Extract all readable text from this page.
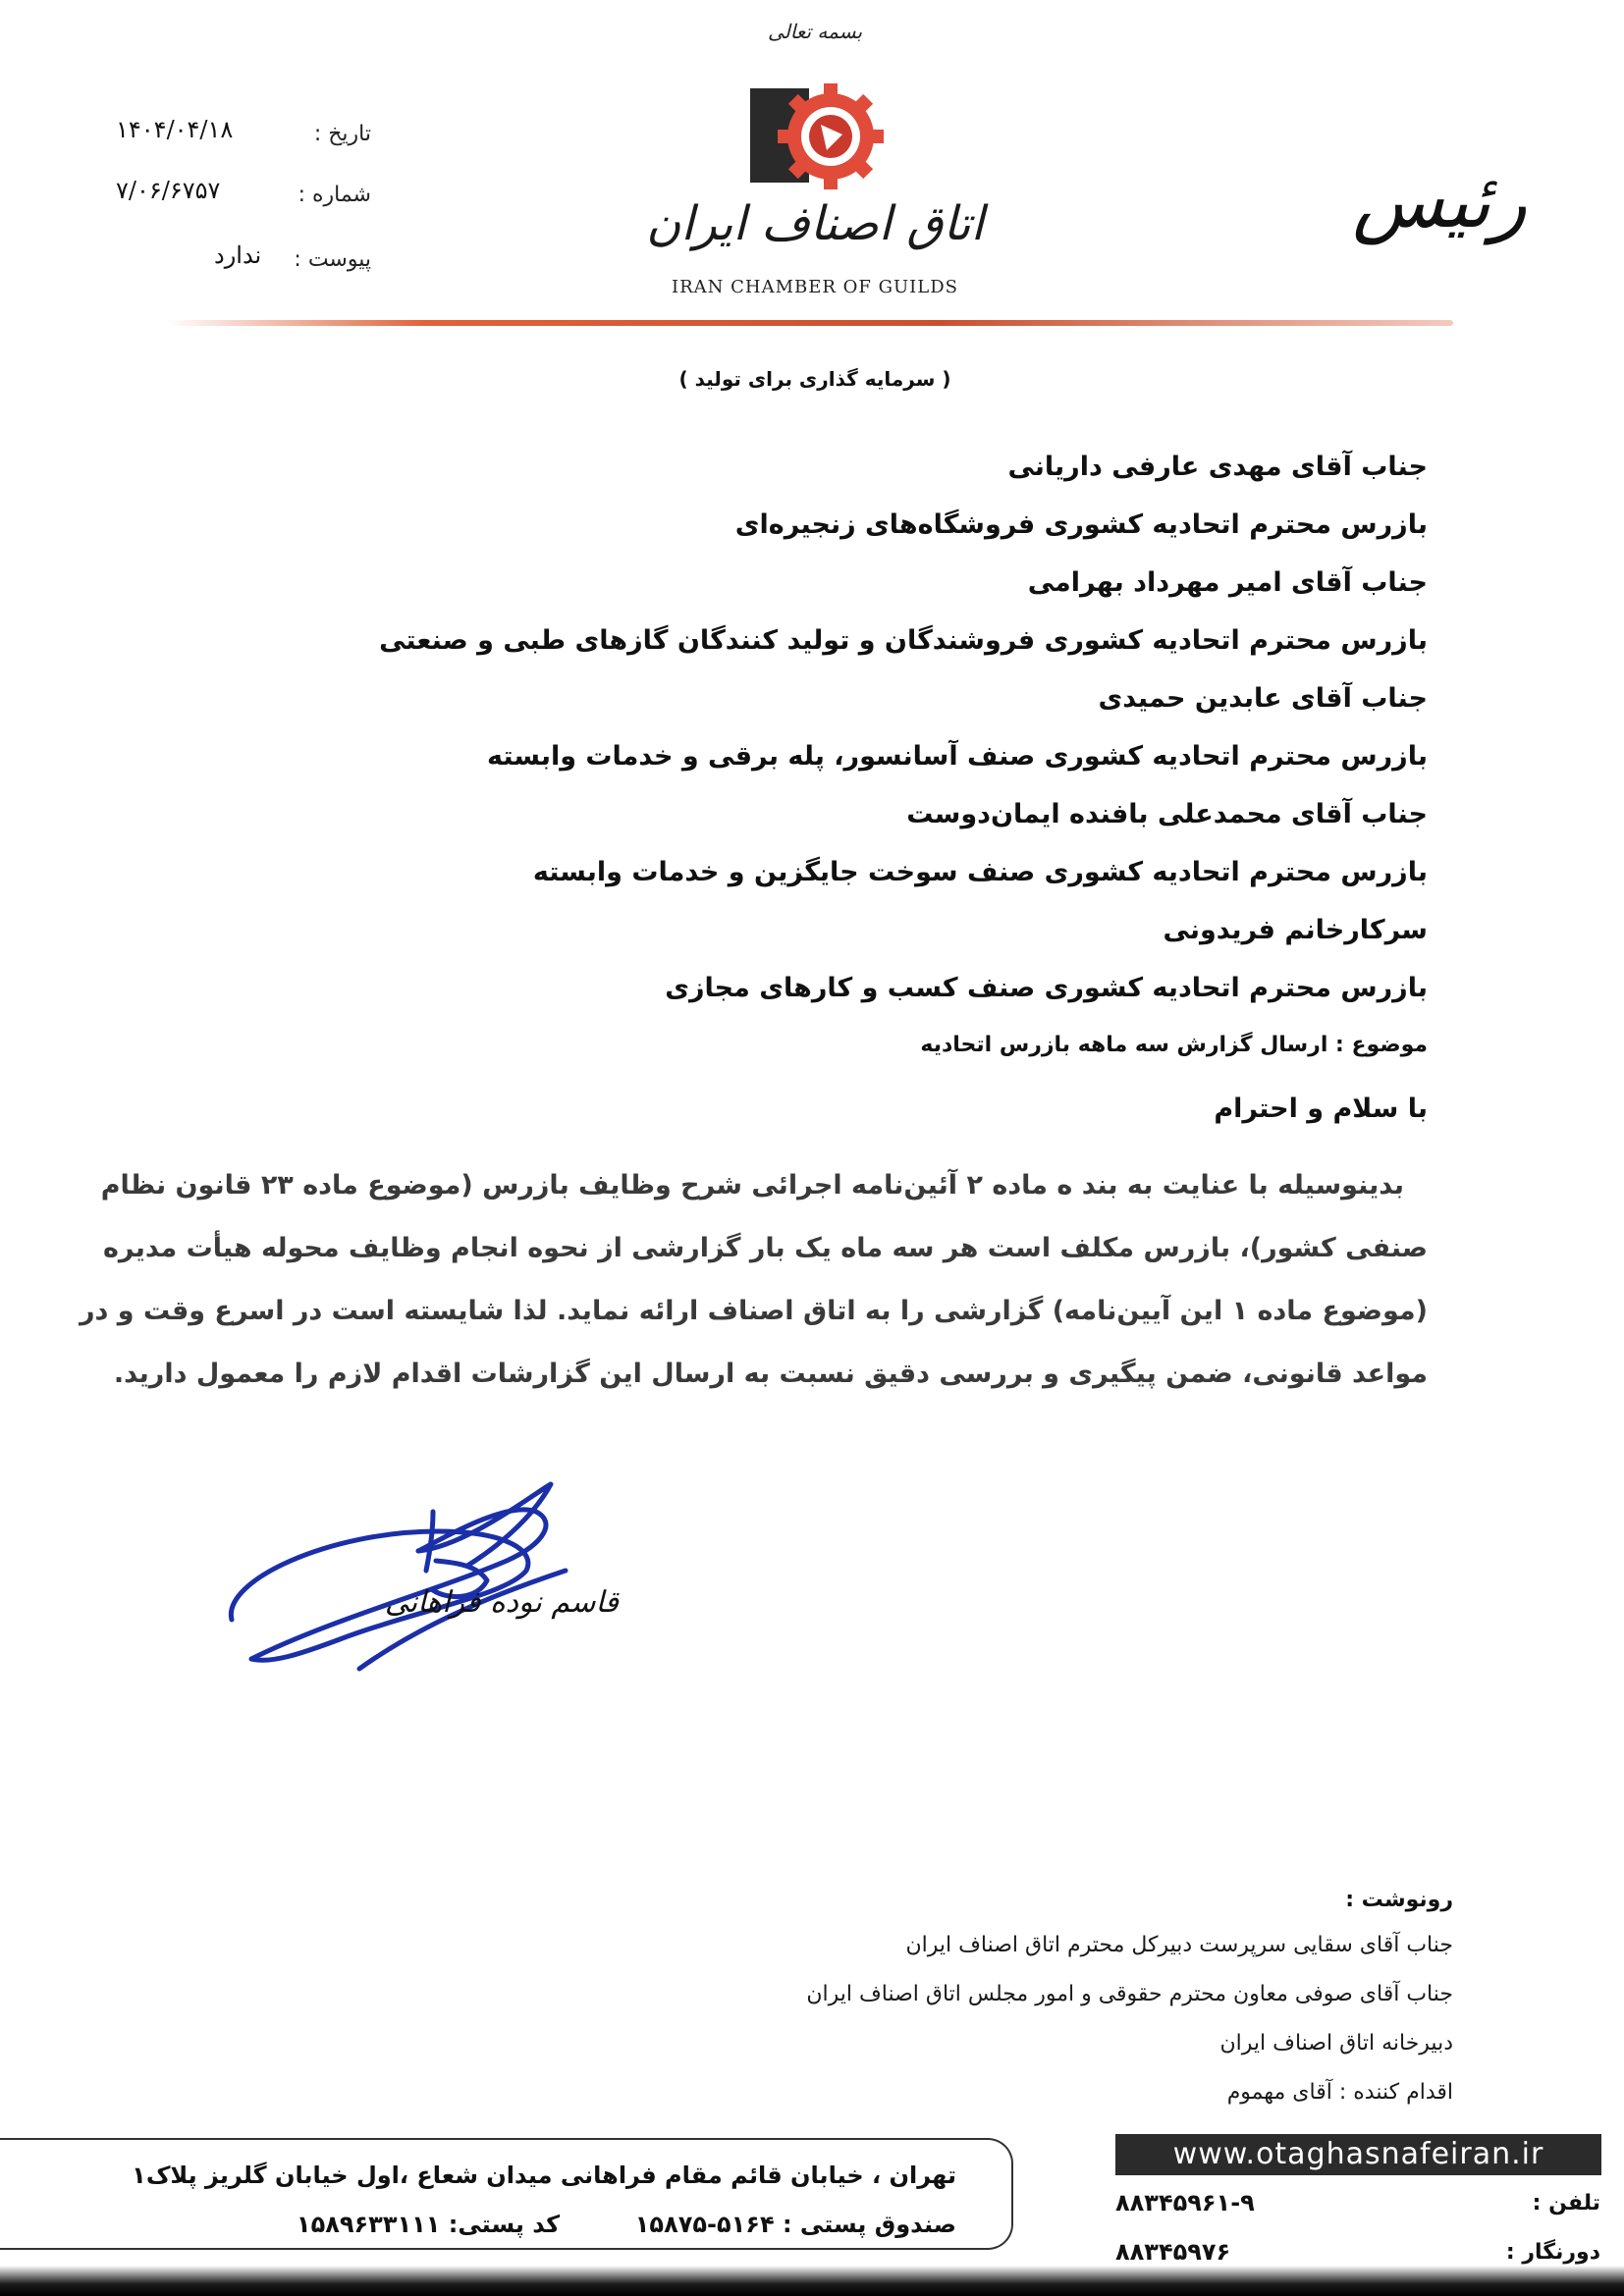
بسمه تعالی
۱۴۰۴/۰۴/۱۸	تاریخ :
۷/۰۶/۶۷۵۷	شماره :
ندارد پیوست :
اتاق اصناف ایران
IRAN CHAMBER OF GUILDS
رئیس
( سرمایه گذاری برای تولید )
جناب آقای مهدی عارفی داریانی
بازرس محترم اتحادیه کشوری فروشگاه‌های زنجیره‌ای
جناب آقای امیر مهرداد بهرامی
بازرس محترم اتحادیه کشوری فروشندگان و تولید کنندگان گازهای طبی و صنعتی
جناب آقای عابدین حمیدی
بازرس محترم اتحادیه کشوری صنف آسانسور، پله برقی و خدمات وابسته
جناب آقای محمدعلی بافنده ایمان‌دوست
بازرس محترم اتحادیه کشوری صنف سوخت جایگزین و خدمات وابسته
سرکارخانم فریدونی
بازرس محترم اتحادیه کشوری صنف کسب و کارهای مجازی
موضوع : ارسال گزارش سه ماهه بازرس اتحادیه
با سلام و احترام
بدینوسیله با عنایت به بند ه ماده ۲ آئین‌نامه اجرائی شرح وظایف بازرس (موضوع ماده ۲۳ قانون نظام
صنفی کشور)، بازرس مکلف است هر سه ماه یک بار گزارشی از نحوه انجام وظایف محوله هیأت مدیره
(موضوع ماده ۱ این آیین‌نامه) گزارشی را به اتاق اصناف ارائه نماید. لذا شایسته است در اسرع وقت و در
مواعد قانونی، ضمن پیگیری و بررسی دقیق نسبت به ارسال این گزارشات اقدام لازم را معمول دارید.
قاسم نوده فراهانی
رونوشت :
جناب آقای سقایی سرپرست دبیرکل محترم اتاق اصناف ایران
جناب آقای صوفی معاون محترم حقوقی و امور مجلس اتاق اصناف ایران
دبیرخانه اتاق اصناف ایران
اقدام کننده : آقای مهموم
تهران ، خیابان قائم مقام فراهانی میدان شعاع ،اول خیابان گلریز پلاک۱
صندوق پستی : ۵۱۶۴-۱۵۸۷۵  کد پستی: ۱۵۸۹۶۳۳۱۱۱
www.otaghasnafeiran.ir
تلفن :
۸۸۳۴۵۹۶۱-۹
دورنگار :
۸۸۳۴۵۹۷۶
